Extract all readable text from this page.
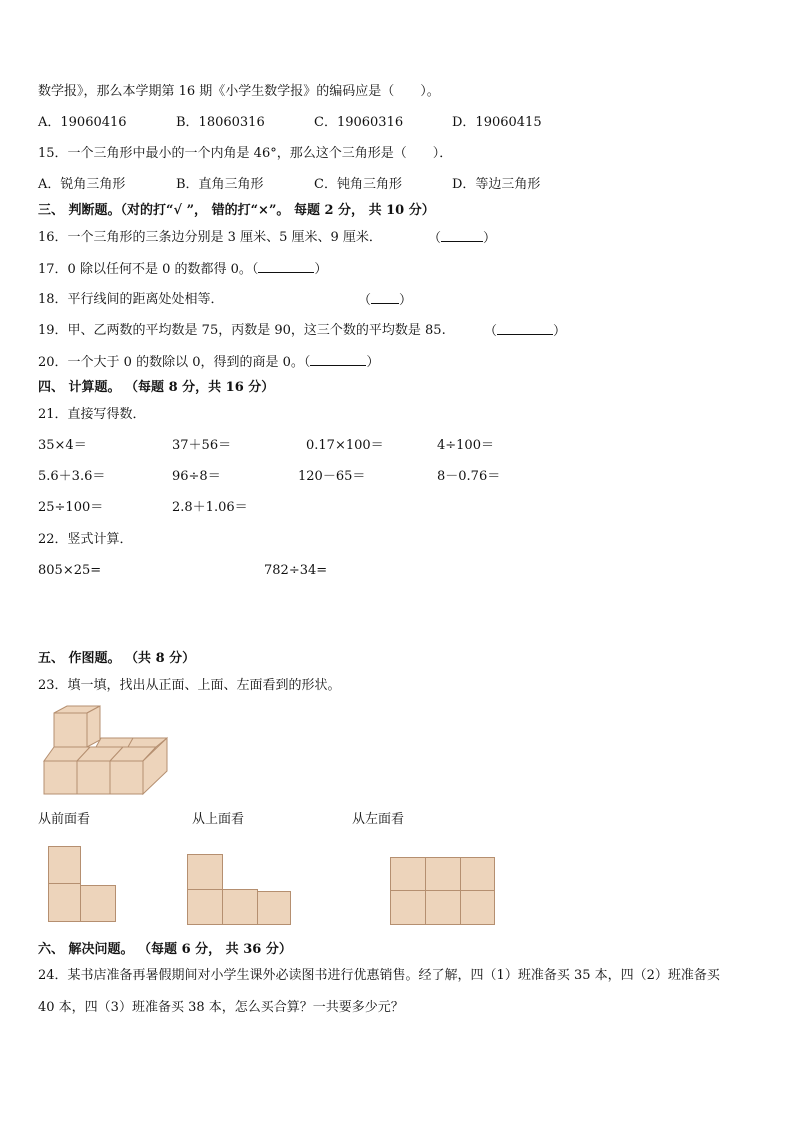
数学报》，那么本学期第 16 期《小学生数学报》的编码应是（　　）。
A．19060416	B．18060316	C．19060316	D．19060415
15．一个三角形中最小的一个内角是 46°，那么这个三角形是（　　）．
A．锐角三角形	B．直角三角形	C．钝角三角形	D．等边三角形
三、 判断题。（对的打“√ ”， 错的打“×”。 每题 2 分， 共 10 分）
16．一个三角形的三条边分别是 3 厘米、5 厘米、9 厘米．	（	）
17．0 除以任何不是 0 的数都得 0。（	）
18．平行线间的距离处处相等．	（ ）
19．甲、乙两数的平均数是 75，丙数是 90，这三个数的平均数是 85.	（	）
20．一个大于 0 的数除以 0，得到的商是 0。（	）
四、 计算题。 （每题 8 分，共 16 分）
21．直接写得数．
35×4＝	37＋56＝	0.17×100＝	4÷100＝
5.6＋3.6＝	96÷8＝	120－65＝	8－0.76＝
25÷100＝	2.8＋1.06＝
22．竖式计算．
805×25=	782÷34=
五、 作图题。 （共 8 分）
23．填一填，找出从正面、上面、左面看到的形状。
从前面看	从上面看	从左面看
六、 解决问题。 （每题 6 分， 共 36 分）
24．某书店准备再暑假期间对小学生课外必读图书进行优惠销售。经了解，四（1）班准备买 35 本，四（2）班准备买
40 本，四（3）班准备买 38 本，怎么买合算？一共要多少元？
